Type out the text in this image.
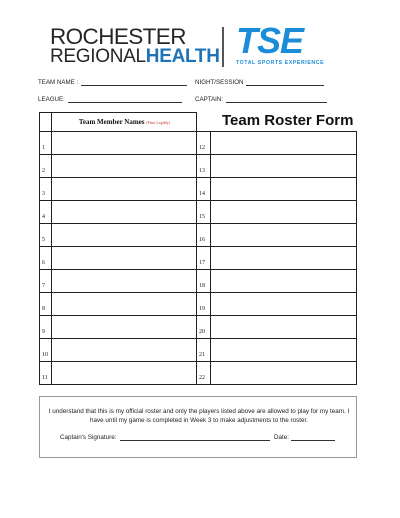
ROCHESTER
REGIONALHEALTH TSE
TOTAL SPORTS EXPERIENCE
TEAM NAME :	NIGHT/SESSION
LEAGUE:	CAPTAIN:
Team Roster Form
Team Member Names (Print Legibly)
1	12
2	13
3	14
4	15
5	16
6	17
7	18
8	19
9	20
10	21
11	22
I understand that this is my official roster and only the players listed above are allowed to play for my team. I have until my game is completed in Week 3 to make adjustments to the roster.
Captain's Signature:	Date:
